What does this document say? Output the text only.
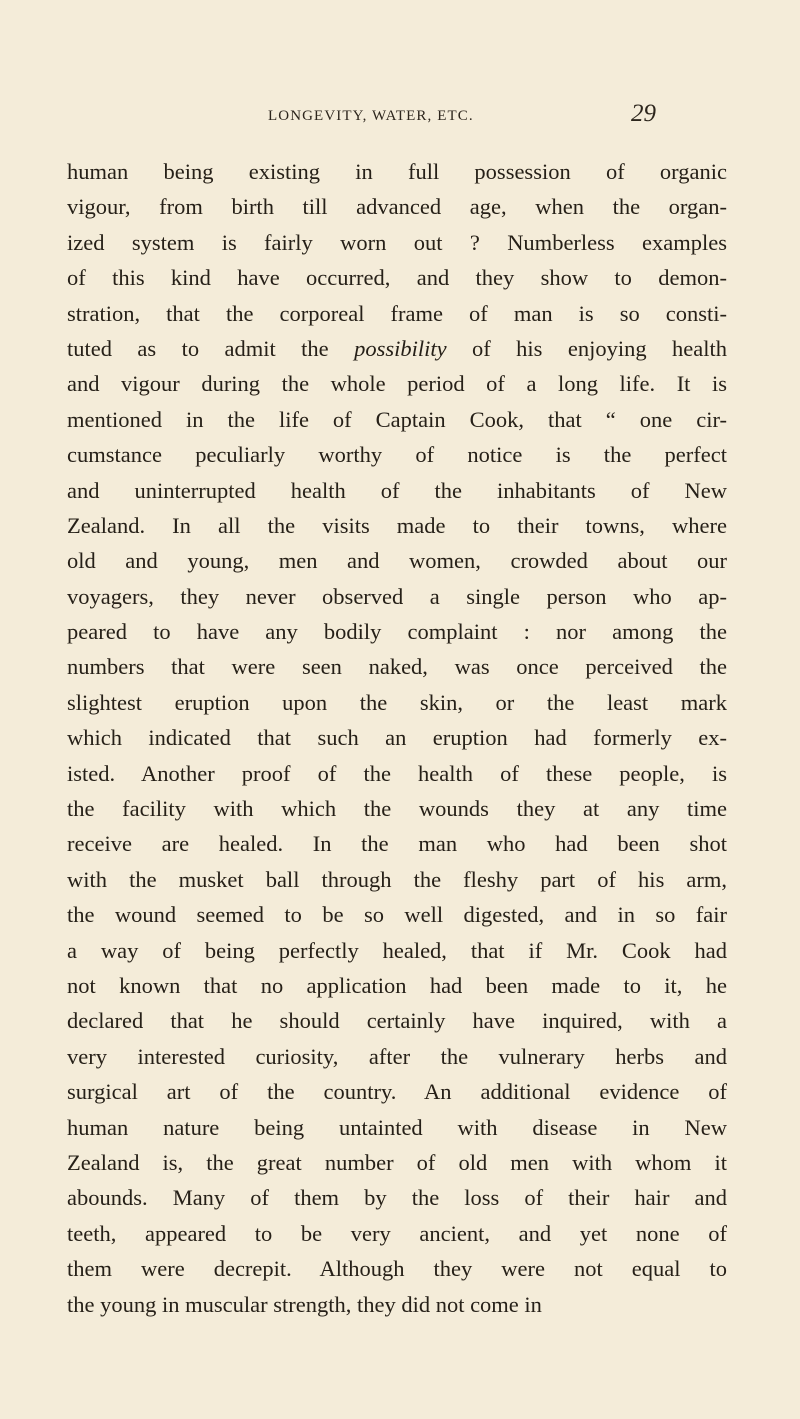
LONGEVITY, WATER, ETC.	29
human being existing in full possession of organic
vigour, from birth till advanced age, when the organ-
ized system is fairly worn out ? Numberless examples
of this kind have occurred, and they show to demon-
stration, that the corporeal frame of man is so consti-
tuted as to admit the possibility of his enjoying health
and vigour during the whole period of a long life. It is
mentioned in the life of Captain Cook, that “ one cir-
cumstance peculiarly worthy of notice is the perfect
and uninterrupted health of the inhabitants of New
Zealand. In all the visits made to their towns, where
old and young, men and women, crowded about our
voyagers, they never observed a single person who ap-
peared to have any bodily complaint : nor among the
numbers that were seen naked, was once perceived the
slightest eruption upon the skin, or the least mark
which indicated that such an eruption had formerly ex-
isted. Another proof of the health of these people, is
the facility with which the wounds they at any time
receive are healed. In the man who had been shot
with the musket ball through the fleshy part of his arm,
the wound seemed to be so well digested, and in so fair
a way of being perfectly healed, that if Mr. Cook had
not known that no application had been made to it, he
declared that he should certainly have inquired, with a
very interested curiosity, after the vulnerary herbs and
surgical art of the country. An additional evidence of
human nature being untainted with disease in New
Zealand is, the great number of old men with whom it
abounds. Many of them by the loss of their hair and
teeth, appeared to be very ancient, and yet none of
them were decrepit. Although they were not equal to
the young in muscular strength, they did not come in
